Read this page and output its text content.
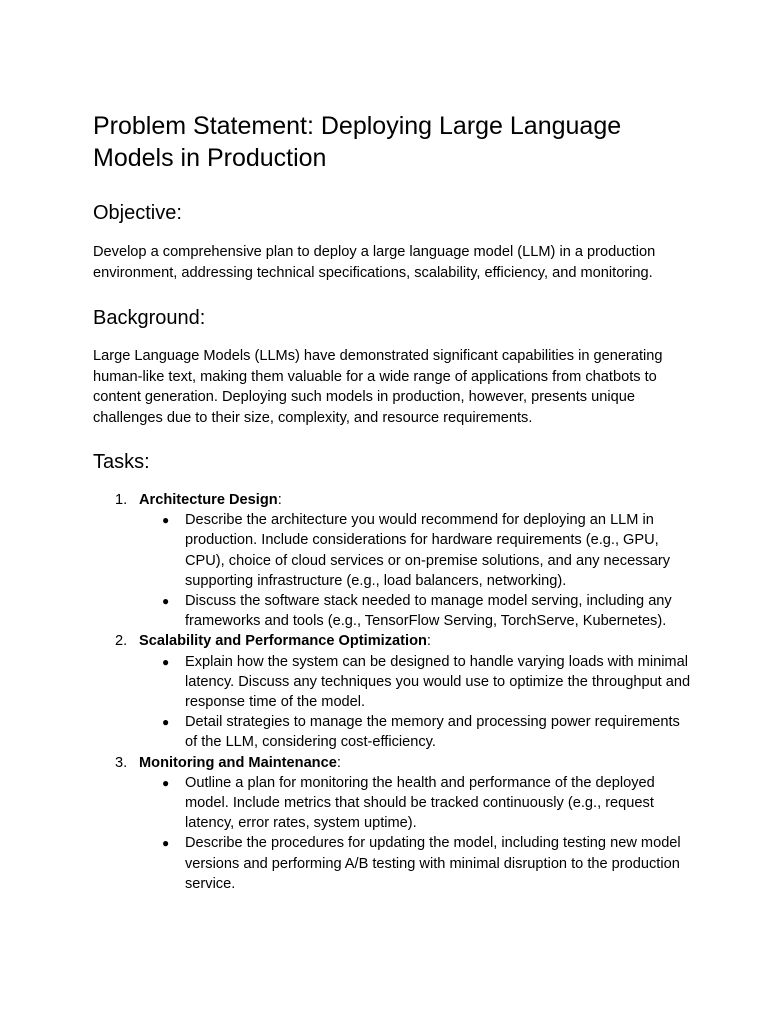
Problem Statement: Deploying Large Language Models in Production
Objective:

Develop a comprehensive plan to deploy a large language model (LLM) in a production environment, addressing technical specifications, scalability, efficiency, and monitoring.

Background:

Large Language Models (LLMs) have demonstrated significant capabilities in generating human-like text, making them valuable for a wide range of applications from chatbots to content generation. Deploying such models in production, however, presents unique challenges due to their size, complexity, and resource requirements.

Tasks:
1. Architecture Design:
● Describe the architecture you would recommend for deploying an LLM in production. Include considerations for hardware requirements (e.g., GPU, CPU), choice of cloud services or on-premise solutions, and any necessary supporting infrastructure (e.g., load balancers, networking).
● Discuss the software stack needed to manage model serving, including any frameworks and tools (e.g., TensorFlow Serving, TorchServe, Kubernetes).
2. Scalability and Performance Optimization:
● Explain how the system can be designed to handle varying loads with minimal latency. Discuss any techniques you would use to optimize the throughput and response time of the model.
● Detail strategies to manage the memory and processing power requirements of the LLM, considering cost-efficiency.
3. Monitoring and Maintenance:
● Outline a plan for monitoring the health and performance of the deployed model. Include metrics that should be tracked continuously (e.g., request latency, error rates, system uptime).
● Describe the procedures for updating the model, including testing new model versions and performing A/B testing with minimal disruption to the production service.
